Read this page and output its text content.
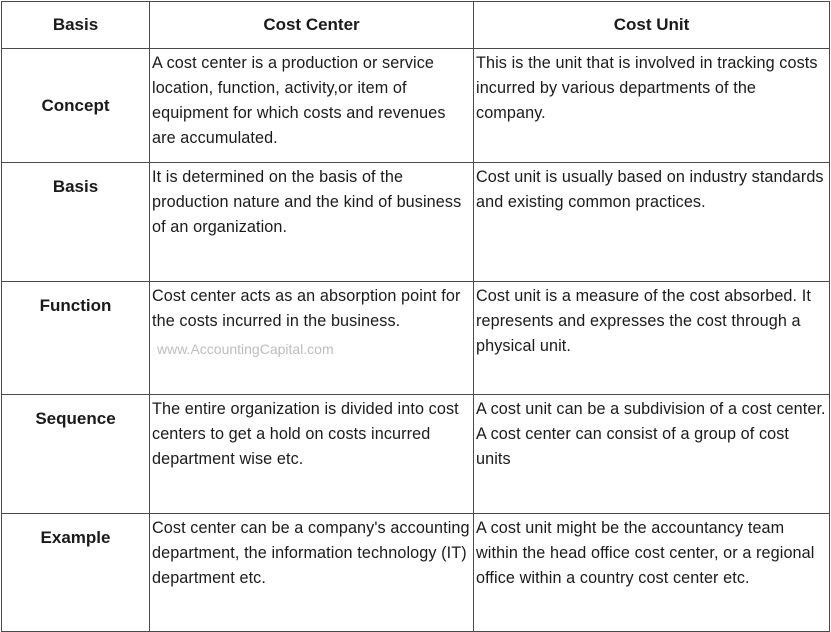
Basis	Cost Center	Cost Unit
Concept	A cost center is a production or service location, function, activity,or item of equipment for which costs and revenues are accumulated.	This is the unit that is involved in tracking costs incurred by various departments of the company.
Basis	It is determined on the basis of the production nature and the kind of business of an organization.	Cost unit is usually based on industry standards and existing common practices.
Function	Cost center acts as an absorption point for the costs incurred in the business.	Cost unit is a measure of the cost absorbed. It represents and expresses the cost through a physical unit.
Sequence	The entire organization is divided into cost centers to get a hold on costs incurred department wise etc.	A cost unit can be a subdivision of a cost center. A cost center can consist of a group of cost units
Example	Cost center can be a company's accounting department, the information technology (IT) department etc.	A cost unit might be the accountancy team within the head office cost center, or a regional office within a country cost center etc.
www.AccountingCapital.com
